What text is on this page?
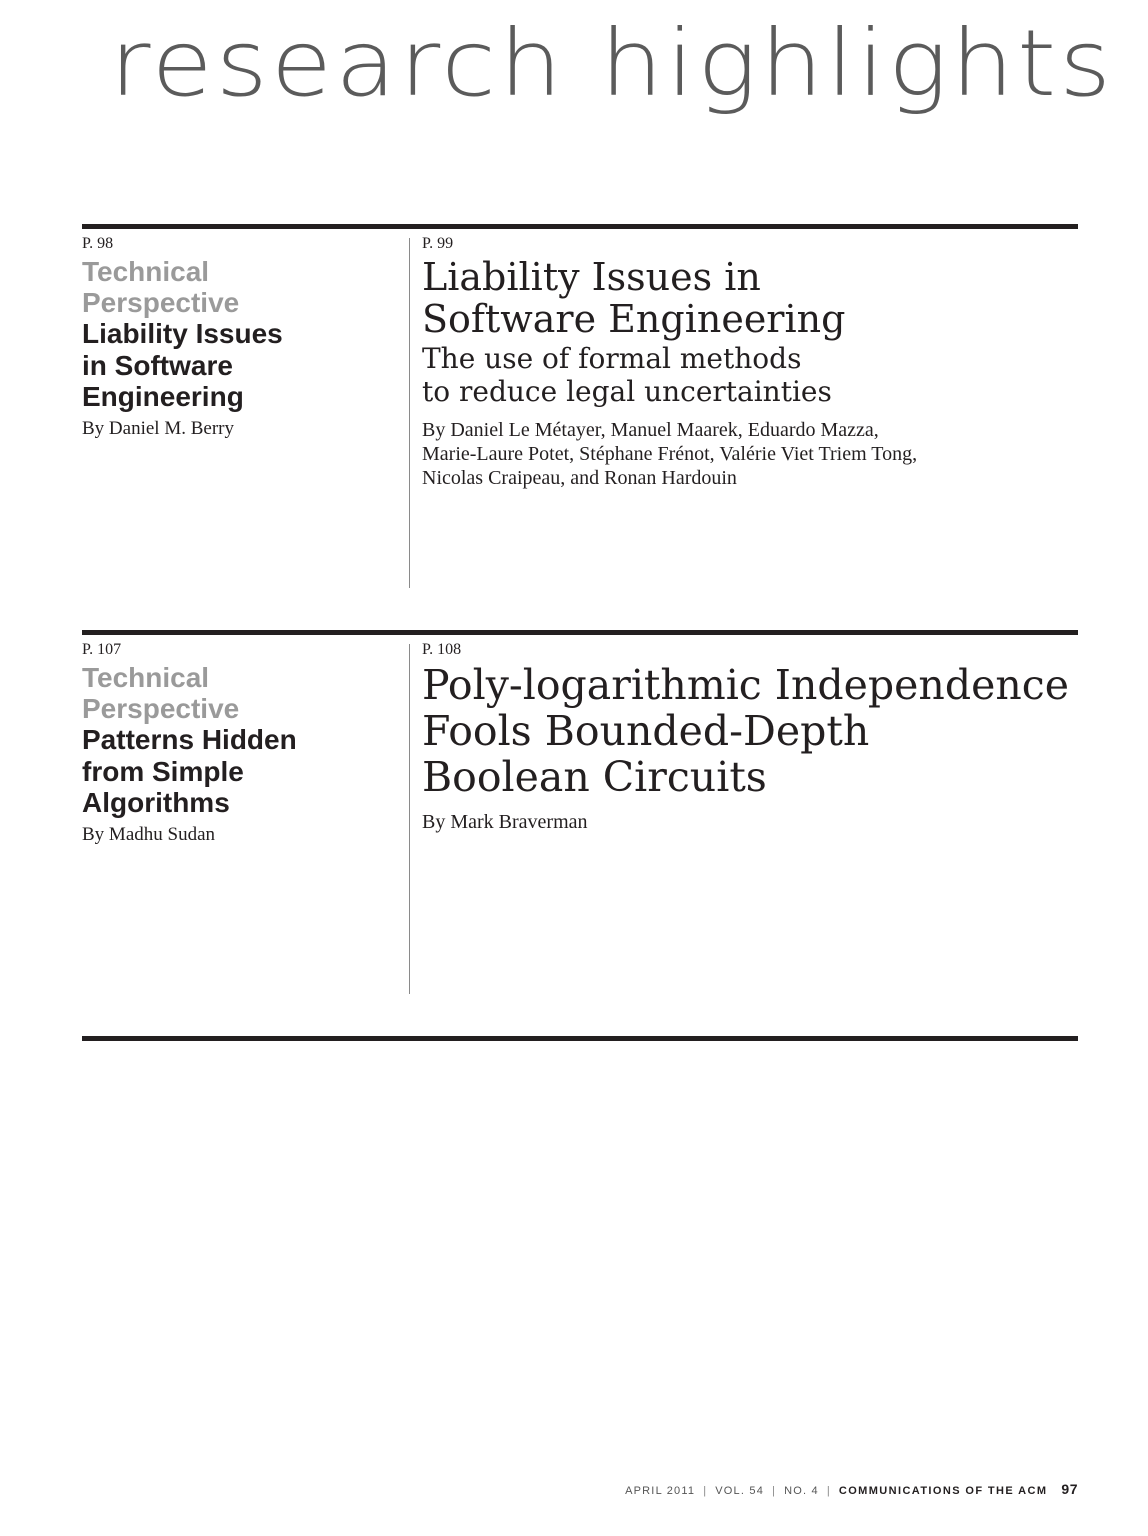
research highlights
P. 98
Technical
Perspective
Liability Issues
in Software
Engineering
By Daniel M. Berry
P. 99
Liability Issues in
Software Engineering
The use of formal methods
to reduce legal uncertainties
By Daniel Le Métayer, Manuel Maarek, Eduardo Mazza,
Marie-Laure Potet, Stéphane Frénot, Valérie Viet Triem Tong,
Nicolas Craipeau, and Ronan Hardouin
P. 107
Technical
Perspective
Patterns Hidden
from Simple
Algorithms
By Madhu Sudan
P. 108
Poly-logarithmic Independence
Fools Bounded-Depth
Boolean Circuits
By Mark Braverman
APRIL 2011 | VOL. 54 | NO. 4 | COMMUNICATIONS OF THE ACM 97
